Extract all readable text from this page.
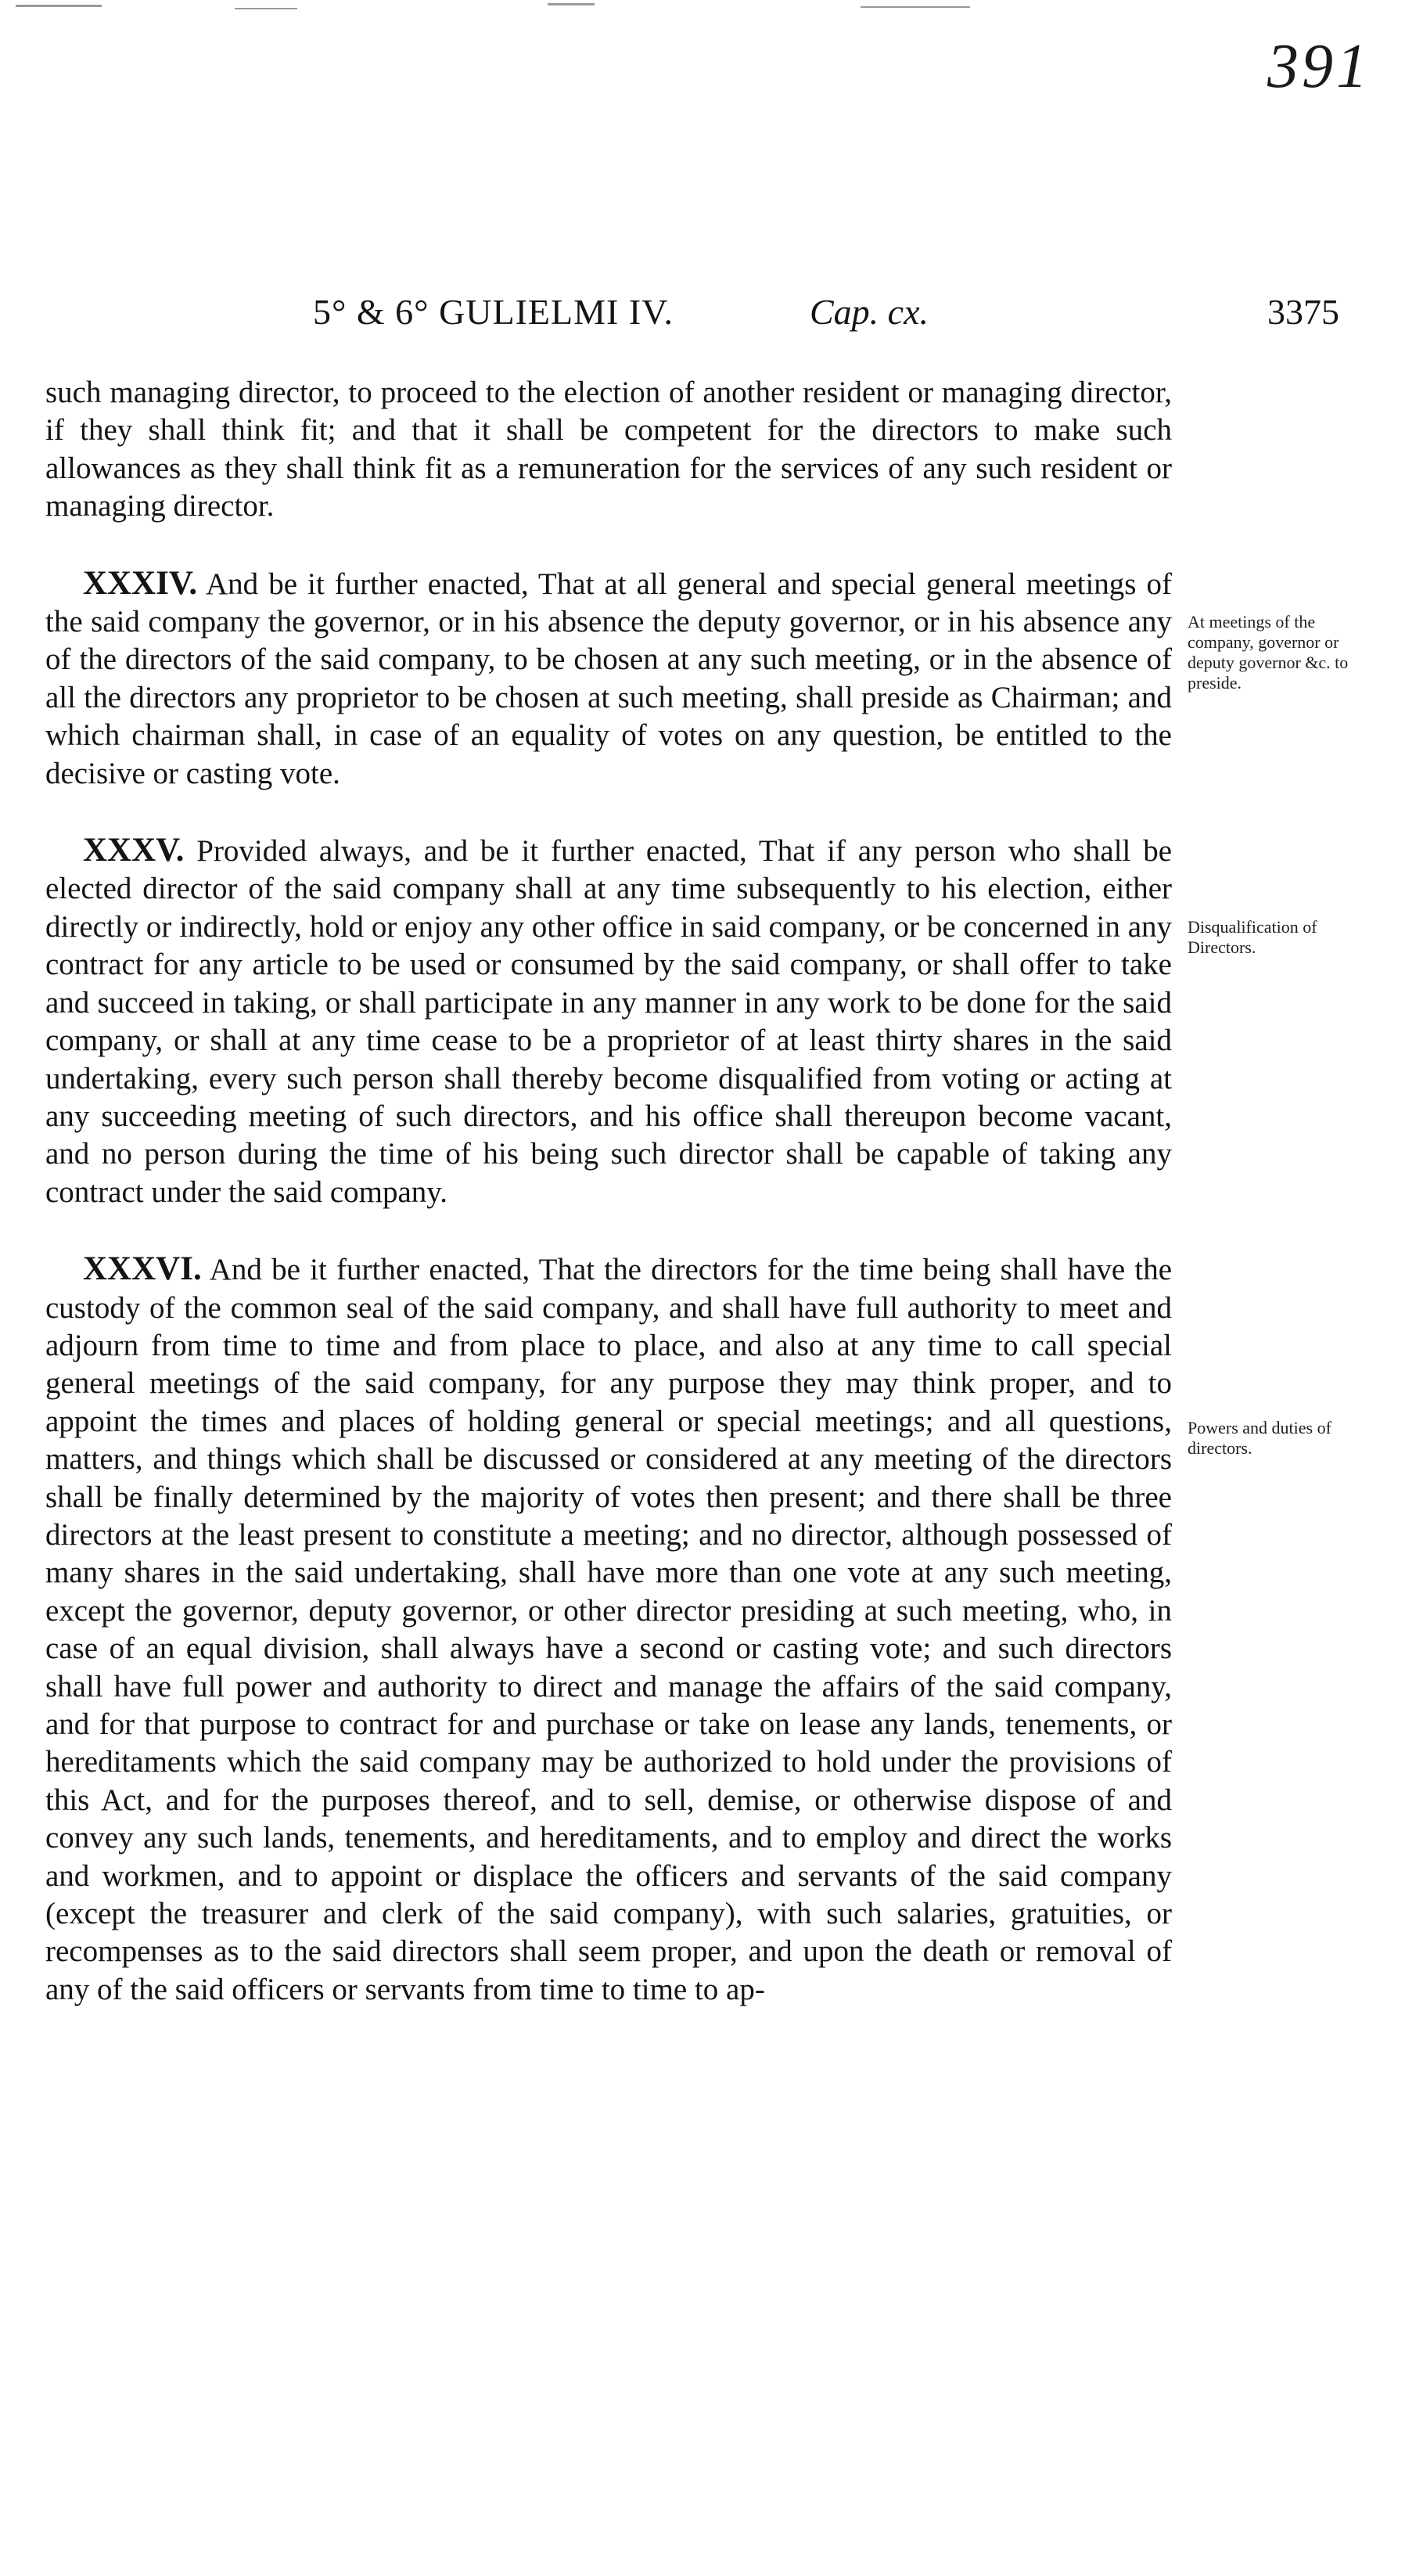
391
5° & 6° GULIELMI IV.	Cap. cx.	3375

such managing director, to proceed to the election of another resident or managing director, if they shall think fit; and that it shall be competent for the directors to make such allowances as they shall think fit as a remuneration for the services of any such resident or managing director.

XXXIV. And be it further enacted, That at all general and special general meetings of the said company the governor, or in his absence the deputy governor, or in his absence any of the directors of the said company, to be chosen at any such meeting, or in the absence of all the directors any proprietor to be chosen at such meeting, shall preside as Chairman; and which chairman shall, in case of an equality of votes on any question, be entitled to the decisive or casting vote.

XXXV. Provided always, and be it further enacted, That if any person who shall be elected director of the said company shall at any time subsequently to his election, either directly or indirectly, hold or enjoy any other office in said company, or be concerned in any contract for any article to be used or consumed by the said company, or shall offer to take and succeed in taking, or shall participate in any manner in any work to be done for the said company, or shall at any time cease to be a proprietor of at least thirty shares in the said undertaking, every such person shall thereby become disqualified from voting or acting at any succeeding meeting of such directors, and his office shall thereupon become vacant, and no person during the time of his being such director shall be capable of taking any contract under the said company.

XXXVI. And be it further enacted, That the directors for the time being shall have the custody of the common seal of the said company, and shall have full authority to meet and adjourn from time to time and from place to place, and also at any time to call special general meetings of the said company, for any purpose they may think proper, and to appoint the times and places of holding general or special meetings; and all questions, matters, and things which shall be discussed or considered at any meeting of the directors shall be finally determined by the majority of votes then present; and there shall be three directors at the least present to constitute a meeting; and no director, although possessed of many shares in the said undertaking, shall have more than one vote at any such meeting, except the governor, deputy governor, or other director presiding at such meeting, who, in case of an equal division, shall always have a second or casting vote; and such directors shall have full power and authority to direct and manage the affairs of the said company, and for that purpose to contract for and purchase or take on lease any lands, tenements, or hereditaments which the said company may be authorized to hold under the provisions of this Act, and for the purposes thereof, and to sell, demise, or otherwise dispose of and convey any such lands, tenements, and hereditaments, and to employ and direct the works and workmen, and to appoint or displace the officers and servants of the said company (except the treasurer and clerk of the said company), with such salaries, gratuities, or recompenses as to the said directors shall seem proper, and upon the death or removal of any of the said officers or servants from time to time to ap-

At meetings of the company, governor or deputy governor &c. to preside.
Disqualification of Directors.
Powers and duties of directors.
